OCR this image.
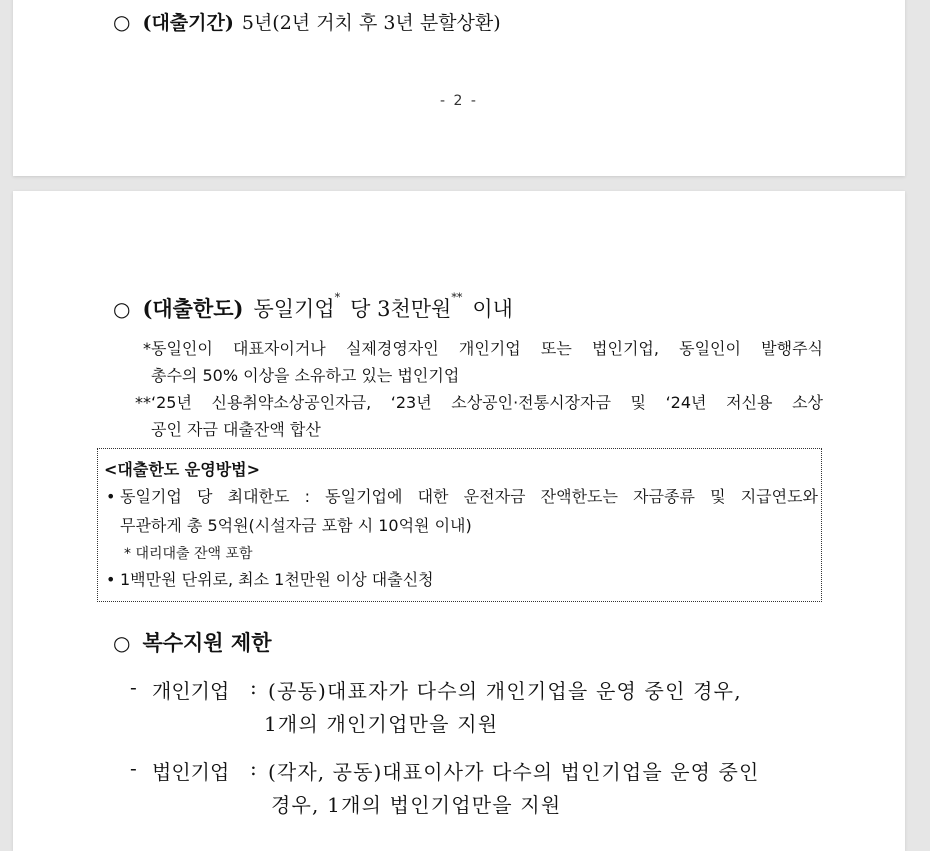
○ (대출기간) 5년(2년 거치 후 3년 분할상환)
- 2 -
○ (대출한도) 동일기업* 당 3천만원** 이내
* 동일인이 대표자이거나 실제경영자인 개인기업 또는 법인기업, 동일인이 발행주식
총수의 50% 이상을 소유하고 있는 법인기업
** ‘25년 신용취약소상공인자금, ‘23년 소상공인·전통시장자금 및 ‘24년 저신용 소상
공인 자금 대출잔액 합산
<대출한도 운영방법>
• 동일기업 당 최대한도 : 동일기업에 대한 운전자금 잔액한도는 자금종류 및 지급연도와
무관하게 총 5억원(시설자금 포함 시 10억원 이내)
* 대리대출 잔액 포함
• 1백만원 단위로, 최소 1천만원 이상 대출신청
○ 복수지원 제한
- 개인기업 : (공동)대표자가 다수의 개인기업을 운영 중인 경우,
1개의 개인기업만을 지원
- 법인기업 : (각자, 공동)대표이사가 다수의 법인기업을 운영 중인
경우, 1개의 법인기업만을 지원
